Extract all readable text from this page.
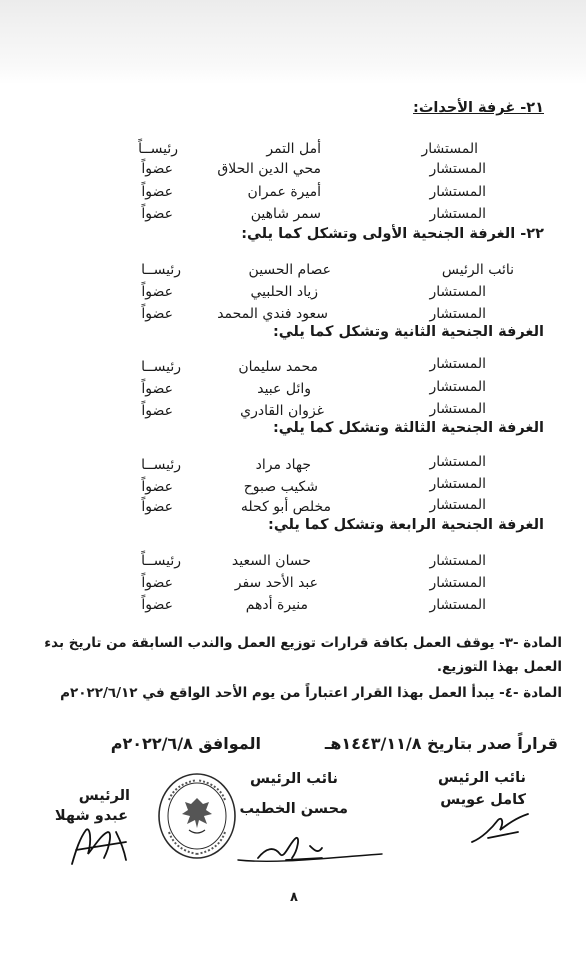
٢١- غرفة الأحداث:
المستشار
أمل التمر
رئيســاً
المستشار
محي الدين الحلاق
عضواً
المستشار
أميرة عمران
عضواً
المستشار
سمر شاهين
عضواً
٢٢- الغرفة الجنحية الأولى وتشكل كما يلي:
نائب الرئيس
عصام الحسين
رئيســا
المستشار
زياد الحلبيي
عضواً
المستشار
سعود فندي المحمد
عضواً
الغرفة الجنحية الثانية وتشكل كما يلي:
المستشار
محمد سليمان
رئيســا
المستشار
وائل عبيد
عضواً
المستشار
غزوان القادري
عضواً
الغرفة الجنحية الثالثة وتشكل كما يلي:
المستشار
جهاد مراد
رئيســا
المستشار
شكيب صبوح
عضواً
المستشار
مخلص أبو كحله
عضواً
الغرفة الجنحية الرابعة وتشكل كما يلي:
المستشار
حسان السعيد
رئيســاً
المستشار
عبد الأحد سفر
عضواً
المستشار
منيرة أدهم
عضواً
المادة -٣- يوقف العمل بكافة قرارات توزيع العمل والندب السابقة من تاريخ بدء
العمل بهذا التوزيع.
المادة -٤- يبدأ العمل بهذا القرار اعتباراً من يوم الأحد الواقع في ٢٠٢٢/٦/١٢م
قراراً صدر بتاريخ ١٤٤٣/١١/٨هـ
الموافق ٢٠٢٢/٦/٨م
نائب الرئيس
كامل عويس
نائب الرئيس
محسن الخطيب
الرئيس
عبدو شهلا
٨
